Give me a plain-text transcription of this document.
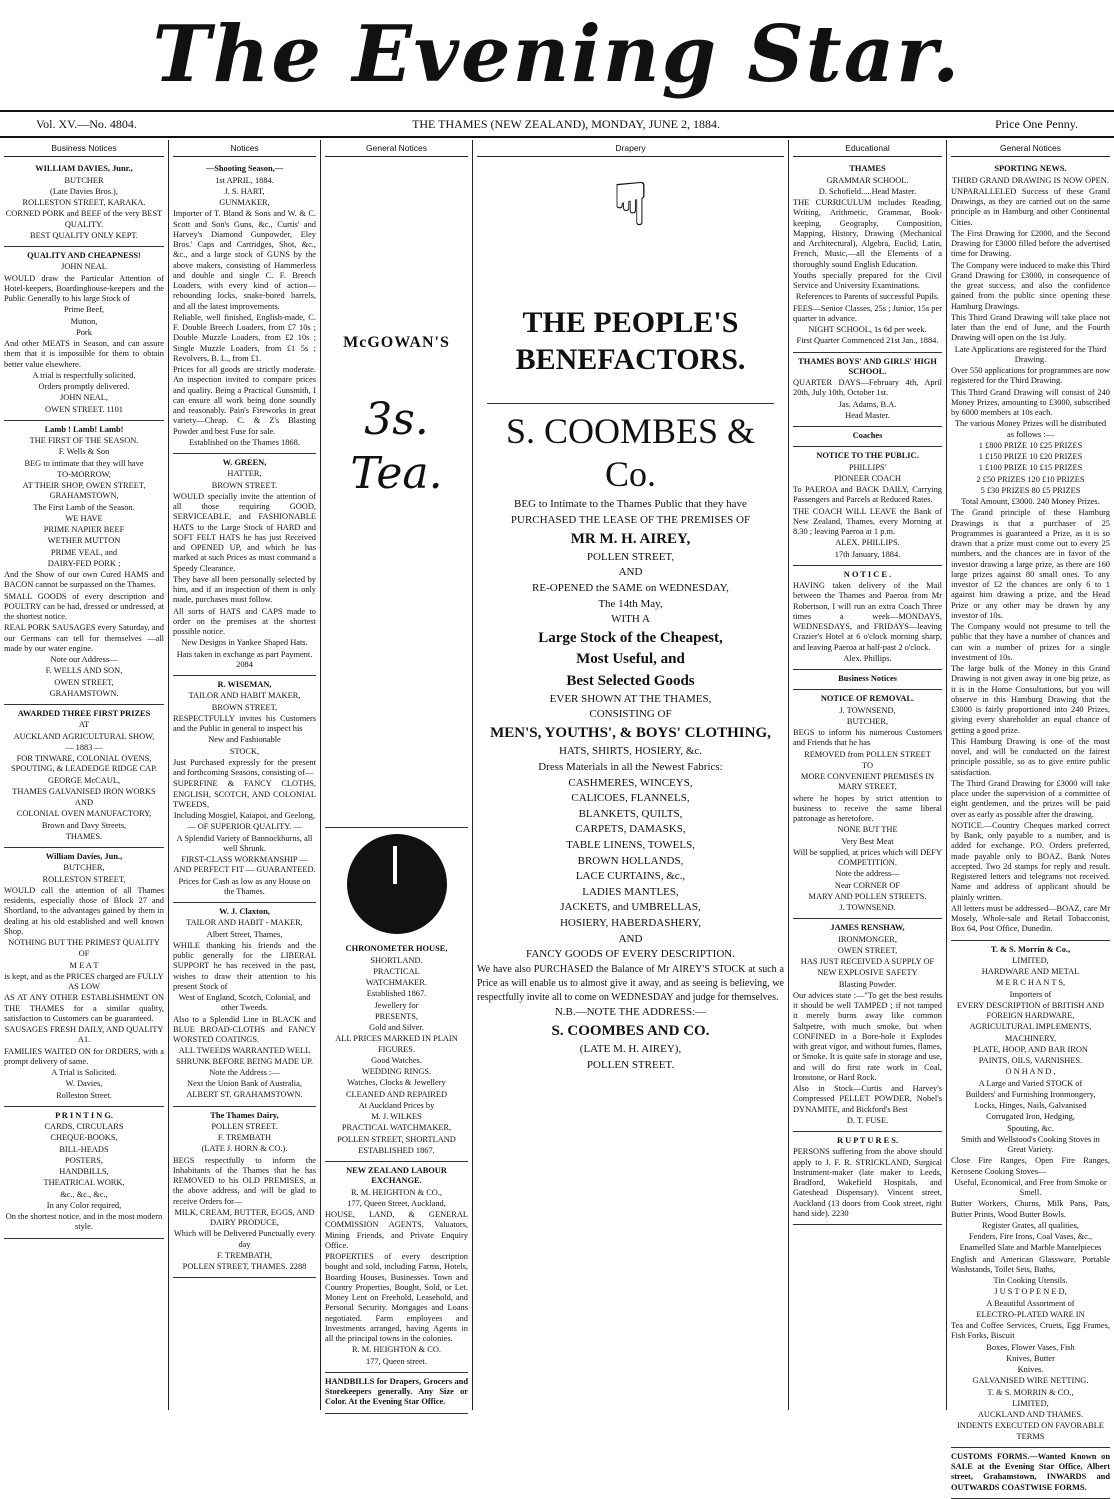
The Evening Star.
Vol. XV.—No. 4804.	THE THAMES (NEW ZEALAND), MONDAY, JUNE 2, 1884.	Price One Penny.
Business Notices

WILLIAM DAVIES, Junr.,

BUTCHER

(Late Davies Bros.),

ROLLESTON STREET, KARAKA.

CORNED PORK and BEEF of the very BEST QUALITY.

BEST QUALITY ONLY KEPT.

QUALITY AND CHEAPNESS!

JOHN NEAL

WOULD draw the Particular Attention of Hotel-keepers, Boardinghouse-keepers and the Public Generally to his large Stock of

Prime Beef,

Mutton,

Pork

And other MEATS in Season, and can assure them that it is impossible for them to obtain better value elsewhere.

A trial is respectfully solicited.

Orders promptly delivered.

JOHN NEAL,

OWEN STREET. 1101

Lamb ! Lamb! Lamb!

THE FIRST OF THE SEASON.

F. Wells & Son

BEG to intimate that they will have

TO-MORROW,

AT THEIR SHOP, OWEN STREET, GRAHAMSTOWN,

The First Lamb of the Season.

WE HAVE

PRIME NAPIER BEEF

WETHER MUTTON

PRIME VEAL, and

DAIRY-FED PORK ;

And the Show of our own Cured HAMS and BACON cannot be surpassed on the Thames.

SMALL GOODS of every description and POULTRY can be had, dressed or undressed, at the shortest notice.

REAL PORK SAUSAGES every Saturday, and our Germans can tell for themselves —all made by our water engine.

Note our Address—

F. WELLS AND SON,

OWEN STREET,

GRAHAMSTOWN.

AWARDED THREE FIRST PRIZES

AT

AUCKLAND AGRICULTURAL SHOW,

— 1883 —

FOR TINWARE, COLONIAL OVENS, SPOUTING, & LEADEDGE RIDGE CAP.

GEORGE McCAUL,

THAMES GALVANISED IRON WORKS

AND

COLONIAL OVEN MANUFACTORY,

Brown and Davy Streets,

THAMES.

William Davies, Jun.,

BUTCHER,

ROLLESTON STREET,

WOULD call the attention of all Thames residents, especially those of Block 27 and Shortland, to the advantages gained by them in dealing at his old established and well known Shop.

NOTHING BUT THE PRIMEST QUALITY

OF

M E A T

is kept, and as the PRICES charged are FULLY AS LOW

AS AT ANY OTHER ESTABLISHMENT ON THE THAMES for a similar quality, satisfaction to Customers can be guaranteed.

SAUSAGES FRESH DAILY, AND QUALITY A1.

FAMILIES WAITED ON for ORDERS, with a prompt delivery of same.

A Trial is Solicited.

W. Davies,

Rolleston Street.

P R I N T I N G.

CARDS, CIRCULARS

CHEQUE-BOOKS,

BILL-HEADS

POSTERS,

HANDBILLS,

THEATRICAL WORK,

&c., &c., &c.,

In any Color required,

On the shortest notice, and in the most modern style.

Notices

—Shooting Season,—

1st APRIL, 1884.

J. S. HART,

GUNMAKER,

Importer of T. Bland & Sons and W. & C. Scott and Son's Guns, &c., Curtis' and Harvey's Diamond Gunpowder, Eley Bros.' Caps and Cartridges, Shot, &c., &c., and a large stock of GUNS by the above makers, consisting of Hammerless and double and single C. F. Breech Loaders, with every kind of action—rebounding locks, snake-bored barrels, and all the latest improvements.

Reliable, well finished, English-made, C. F. Double Breech Loaders, from £7 10s ; Double Muzzle Loaders, from £2 10s ; Single Muzzle Loaders, from £1 5s ; Revolvers, B. L., from £1.

Prices for all goods are strictly moderate. An inspection invited to compare prices and quality. Being a Practical Gunsmith, I can ensure all work being done soundly and reasonably. Pain's Fireworks in great variety—Cheap. C. & Z's Blasting Powder and best Fuse for sale.

Established on the Thames 1868.

W. GREEN,

HATTER,

BROWN STREET.

WOULD specially invite the attention of all those requiring GOOD, SERVICEABLE, and FASHIONABLE HATS to the Large Stock of HARD and SOFT FELT HATS he has just Received and OPENED UP, and which he has marked at such Prices as must command a Speedy Clearance.

They have all been personally selected by him, and if an inspection of them is only made, purchases must follow.

All sorts of HATS and CAPS made to order on the premises at the shortest possible notice.

New Designs in Yankee Shaped Hats.

Hats taken in exchange as part Payment. 2084

R. WISEMAN,

TAILOR AND HABIT MAKER,

BROWN STREET,

RESPECTFULLY invites his Customers and the Public in general to inspect his

New and Fashionable

STOCK,

Just Purchased expressly for the present and forthcoming Seasons, consisting of—

SUPERFINE & FANCY CLOTHS, ENGLISH, SCOTCH, AND COLONIAL TWEEDS,

Including Mosgiel, Kaiapoi, and Geelong,

— OF SUPERIOR QUALITY. —

A Splendid Variety of Bannockburns, all well Shrunk.

FIRST-CLASS WORKMANSHIP — AND PERFECT FIT — GUARANTEED.

Prices for Cash as low as any House on the Thames.

W. J. Claxton,

TAILOR AND HABIT - MAKER,

Albert Street, Thames,

WHILE thanking his friends and the public generally for the LIBERAL SUPPORT he has received in the past, wishes to draw their attention to his present Stock of

West of England, Scotch, Colonial, and other Tweeds.

Also to a Splendid Line in BLACK and BLUE BROAD-CLOTHS and FANCY WORSTED COATINGS.

ALL TWEEDS WARRANTED WELL SHRUNK BEFORE BEING MADE UP.

Note the Address :—

Next the Union Bank of Australia,

ALBERT ST. GRAHAMSTOWN.

The Thames Dairy,

POLLEN STREET.

F. TREMBATH

(LATE J. HORN & CO.).

BEGS respectfully to inform the Inhabitants of the Thames that he has REMOVED to his OLD PREMISES, at the above address, and will be glad to receive Orders for—

MILK, CREAM, BUTTER, EGGS, AND DAIRY PRODUCE,

Which will be Delivered Punctually every day

F. TREMBATH,

POLLEN STREET, THAMES. 2288

General Notices

McGOWAN'S

3s. Tea.

CHRONOMETER HOUSE,

SHORTLAND.

PRACTICAL

WATCHMAKER.

Established 1867.

Jewellery for

PRESENTS,

Gold and Silver.

ALL PRICES MARKED IN PLAIN FIGURES.

Good Watches.

WEDDING RINGS.

Watches, Clocks & Jewellery

CLEANED AND REPAIRED

At Auckland Prices by

M. J. WILKES

PRACTICAL WATCHMAKER,

POLLEN STREET, SHORTLAND

ESTABLISHED 1867.

NEW ZEALAND LABOUR EXCHANGE.

R. M. HEIGHTON & CO.,

177, Queen Street, Auckland,

HOUSE, LAND, & GENERAL COMMISSION AGENTS, Valuators, Mining Friends, and Private Enquiry Office.

PROPERTIES of every description bought and sold, including Farms, Hotels, Boarding Houses, Businesses. Town and Country Properties, Bought, Sold, or Let. Money Lent on Freehold, Leasehold, and Personal Security. Mortgages and Loans negotiated. Farm employees and Investments arranged, having Agents in all the principal towns in the colonies.

R. M. HEIGHTON & CO.

177, Queen street.

HANDBILLS for Drapers, Grocers and Storekeepers generally. Any Size or Color. At the Evening Star Office.

Drapery
☟
THE PEOPLE'S BENEFACTORS.
S. COOMBES & Co.
BEG to Intimate to the Thames Public that they have
PURCHASED THE LEASE OF THE PREMISES OF
MR M. H. AIREY,
POLLEN STREET,
AND
RE-OPENED the SAME on WEDNESDAY,
The 14th May,
WITH A
Large Stock of the Cheapest,
Most Useful, and
Best Selected Goods
EVER SHOWN AT THE THAMES,
CONSISTING OF
MEN'S, YOUTHS', & BOYS' CLOTHING,
HATS, SHIRTS, HOSIERY, &c.
Dress Materials in all the Newest Fabrics:
CASHMERES, WINCEYS,
CALICOES, FLANNELS,
BLANKETS, QUILTS,
CARPETS, DAMASKS,
TABLE LINENS, TOWELS,
BROWN HOLLANDS,
LACE CURTAINS, &c.,
LADIES MANTLES,
JACKETS, and UMBRELLAS,
HOSIERY, HABERDASHERY,
AND
FANCY GOODS OF EVERY DESCRIPTION.
We have also PURCHASED the Balance of Mr AIREY'S STOCK at such a Price as will enable us to almost give it away, and as seeing is believing, we respectfully invite all to come on WEDNESDAY and judge for themselves.
N.B.—NOTE THE ADDRESS:—
S. COOMBES AND CO.
(LATE M. H. AIREY),
POLLEN STREET.
Educational

THAMES

GRAMMAR SCHOOL.

D. Schofield.....Head Master.

THE CURRICULUM includes Reading, Writing, Arithmetic, Grammar, Book-keeping, Geography, Composition, Mapping, History, Drawing (Mechanical and Architectural), Algebra, Euclid, Latin, French, Music,—all the Elements of a thoroughly sound English Education.

Youths specially prepared for the Civil Service and University Examinations.

References to Parents of successful Pupils.

FEES—Senior Classes, 25s ; Junior, 15s per quarter in advance.

NIGHT SCHOOL, 1s 6d per week.

First Quarter Commenced 21st Jan., 1884.

THAMES BOYS' AND GIRLS' HIGH SCHOOL.

QUARTER DAYS—February 4th, April 20th, July 10th, October 1st.

Jas. Adams, B.A.

Head Master.

Coaches

NOTICE TO THE PUBLIC.

PHILLIPS'

PIONEER COACH

To PAEROA and BACK DAILY, Carrying Passengers and Parcels at Reduced Rates.

THE COACH WILL LEAVE the Bank of New Zealand, Thames, every Morning at 8.30 ; leaving Paeroa at 1 p.m.

ALEX. PHILLIPS.

17th January, 1884.

N O T I C E .

HAVING taken delivery of the Mail between the Thames and Paeroa from Mr Robertson, I will run an extra Coach Three times a week—MONDAYS, WEDNESDAYS, and FRIDAYS—leaving Crazier's Hotel at 6 o'clock morning sharp, and leaving Paeroa at half-past 2 o'clock.

Alex. Phillips.

Business Notices

NOTICE OF REMOVAL.

J. TOWNSEND,

BUTCHER,

BEGS to inform his numerous Customers and Friends that he has

REMOVED from POLLEN STREET

TO

MORE CONVENIENT PREMISES IN MARY STREET,

where he hopes by strict attention to business to receive the same liberal patronage as heretofore.

NONE BUT THE

Very Best Meat

Will be supplied, at prices which will DEFY COMPETITION.

Note the address—

Near CORNER OF

MARY AND POLLEN STREETS.

J. TOWNSEND.

JAMES RENSHAW,

IRONMONGER,

OWEN STREET,

HAS JUST RECEIVED A SUPPLY OF

NEW EXPLOSIVE SAFETY

Blasting Powder.

Our advices state :—"To get the best results it should be well TAMPED ; if not tamped it merely burns away like common Saltpetre, with much smoke, but when CONFINED in a Bore-hole it Explodes with great vigor, and without fumes, flames, or Smoke. It is quite safe in storage and use, and will do first rate work in Coal, Ironstone, or Hard Rock.

Also in Stock—Curtis and Harvey's Compressed PELLET POWDER, Nobel's DYNAMITE, and Bickford's Best

D. T. FUSE.

R U P T U R E S.

PERSONS suffering from the above should apply to J. F. R. STRICKLAND, Surgical Instrument-maker (late maker to Leeds, Bradford, Wakefield Hospitals, and Gateshead Dispensary). Vincent street, Auckland (13 doors from Cook street, right hand side). 2230

General Notices

SPORTING NEWS.

THIRD GRAND DRAWING IS NOW OPEN.

UNPARALLELED Success of these Grand Drawings, as they are carried out on the same principle as in Hamburg and other Continental Cities.

The First Drawing for £2000, and the Second Drawing for £3000 filled before the advertised time for Drawing.

The Company were induced to make this Third Grand Drawing for £3000, in consequence of the great success, and also the confidence gained from the public since opening these Hamburg Drawings.

This Third Grand Drawing will take place not later than the end of June, and the Fourth Drawing will open on the 1st July.

Late Applications are registered for the Third Drawing.

Over 550 applications for programmes are now registered for the Third Drawing.

This Third Grand Drawing will consist of 240 Money Prizes, amounting to £3000, subscribed by 6000 members at 10s each.

The various Money Prizes will be distributed as follows :—

1 £800 PRIZE 10 £25 PRIZES

1 £150 PRIZE 10 £20 PRIZES

1 £100 PRIZE 10 £15 PRIZES

2 £50 PRIZES 120 £10 PRIZES

5 £30 PRIZES 80 £5 PRIZES

Total Amount, £3000. 240 Money Prizes.

The Grand principle of these Hamburg Drawings is that a purchaser of 25 Programmes is guaranteed a Prize, as it is so drawn that a prize must come out to every 25 numbers, and the chances are in favor of the investor drawing a large prize, as there are 160 large prizes against 80 small ones. To any investor of £2 the chances are only 6 to 1 against him drawing a prize, and the Head Prize or any other may be drawn by any investor of 10s.

The Company would not presume to tell the public that they have a number of chances and can win a number of prizes for a single investment of 10s.

The large bulk of the Money in this Grand Drawing is not given away in one big prize, as it is in the Home Consultations, but you will observe in this Hamburg Drawing that the £3000 is fairly proportioned into 240 Prizes, giving every shareholder an equal chance of getting a good prize.

This Hamburg Drawing is one of the most novel, and will be conducted on the fairest principle possible, so as to give entire public satisfaction.

The Third Grand Drawing for £3000 will take place under the supervision of a committee of eight gentlemen, and the prizes will be paid over as early as possible after the drawing.

NOTICE.—Country Cheques marked correct by Bank, only payable to a number, and is added for exchange. P.O. Orders preferred, made payable only to BOAZ. Bank Notes accepted. Two 2d stamps for reply and result. Registered letters and telegrams not received. Name and address of applicant should be plainly written.

All letters must be addressed—BOAZ, care Mr Mosely, Whole-sale and Retail Tobacconist, Box 64, Post Office, Dunedin.

T. & S. Morrin & Co.,

LIMITED,

HARDWARE AND METAL

M E R C H A N T S,

Importers of

EVERY DESCRIPTION of BRITISH AND FOREIGN HARDWARE,

AGRICULTURAL IMPLEMENTS,

MACHINERY,

PLATE, HOOP, AND BAR IRON

PAINTS, OILS, VARNISHES.

O N H A N D ,

A Large and Varied STOCK of

Builders' and Furnishing Ironmongery,

Locks, Hinges, Nails, Galvanised

Corrugated Iron, Hedging,

Spouting, &c.

Smith and Wellstood's Cooking Stoves in Great Variety.

Close Fire Ranges, Open Fire Ranges, Kerosene Cooking Stoves—

Useful, Economical, and Free from Smoke or Smell.

Butter Workers, Churns, Milk Pans, Pats, Butter Prints, Wood Butter Bowls.

Register Grates, all qualities,

Fenders, Fire Irons, Coal Vases, &c.,

Enamelled Slate and Marble Mantelpieces

English and American Glassware, Portable Washstands, Toilet Sets, Baths,

Tin Cooking Utensils.

J U S T O P E N E D,

A Beautiful Assortment of

ELECTRO-PLATED WARE IN

Tea and Coffee Services, Cruets, Egg Frames, Fish Forks, Biscuit

Boxes, Flower Vases, Fish

Knives, Butter

Knives.

GALVANISED WIRE NETTING.

T. & S. MORRIN & CO.,

LIMITED,

AUCKLAND AND THAMES.

INDENTS EXECUTED ON FAVORABLE TERMS

CUSTOMS FORMS.—Wanted Known on SALE at the Evening Star Office, Albert street, Grahamstown, INWARDS and OUTWARDS COASTWISE FORMS.
